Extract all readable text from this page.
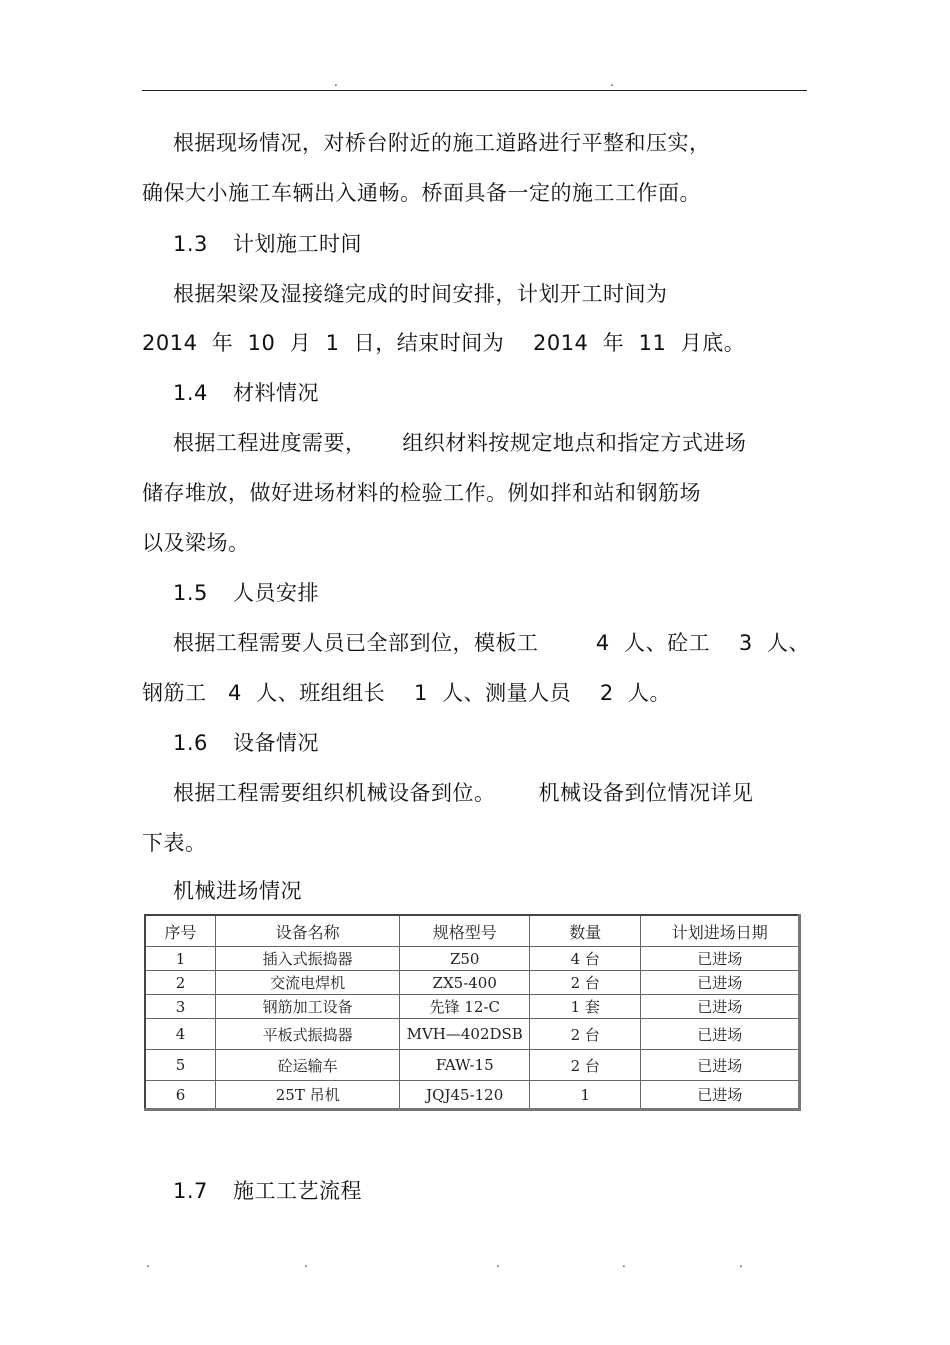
.	.
根据现场情况，对桥台附近的施工道路进行平整和压实，
确保大小施工车辆出入通畅。桥面具备一定的施工工作面。
1.3 计划施工时间
根据架梁及湿接缝完成的时间安排，计划开工时间为
2014  年  10  月  1  日，结束时间为    2014  年  11  月底。
1.4 材料情况
根据工程进度需要，     组织材料按规定地点和指定方式进场
储存堆放，做好进场材料的检验工作。例如拌和站和钢筋场
以及梁场。
1.5 人员安排
根据工程需要人员已全部到位，模板工        4  人、砼工    3  人、
钢筋工   4  人、班组组长    1  人、测量人员    2  人。
1.6 设备情况
根据工程需要组织机械设备到位。      机械设备到位情况详见
下表。
机械进场情况
序号	设备名称	规格型号	数量	计划进场日期
1	插入式振捣器	Z50	4 台	已进场
2	交流电焊机	ZX5-400	2 台	已进场
3	钢筋加工设备	先锋 12-C	1 套	已进场
4	平板式振捣器	MVH—402DSB	2 台	已进场
5	砼运输车	FAW-15	2 台	已进场
6	25T 吊机	JQJ45-120	1	已进场
1.7 施工工艺流程
.	.	.	.	.
